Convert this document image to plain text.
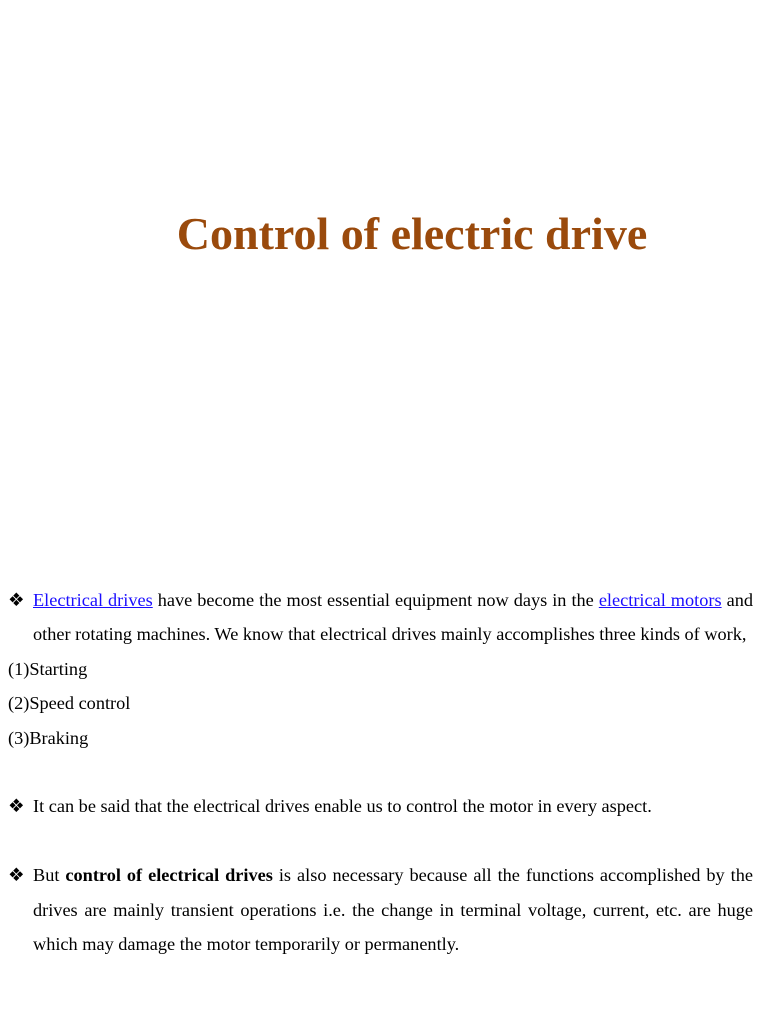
Control of electric drive
❖ Electrical drives have become the most essential equipment now days in the electrical motors and other rotating machines. We know that electrical drives mainly accomplishes three kinds of work,
(1)Starting
(2)Speed control
(3)Braking
❖ It can be said that the electrical drives enable us to control the motor in every aspect.
❖ But control of electrical drives is also necessary because all the functions accomplished by the drives are mainly transient operations i.e. the change in terminal voltage, current, etc. are huge which may damage the motor temporarily or permanently.
